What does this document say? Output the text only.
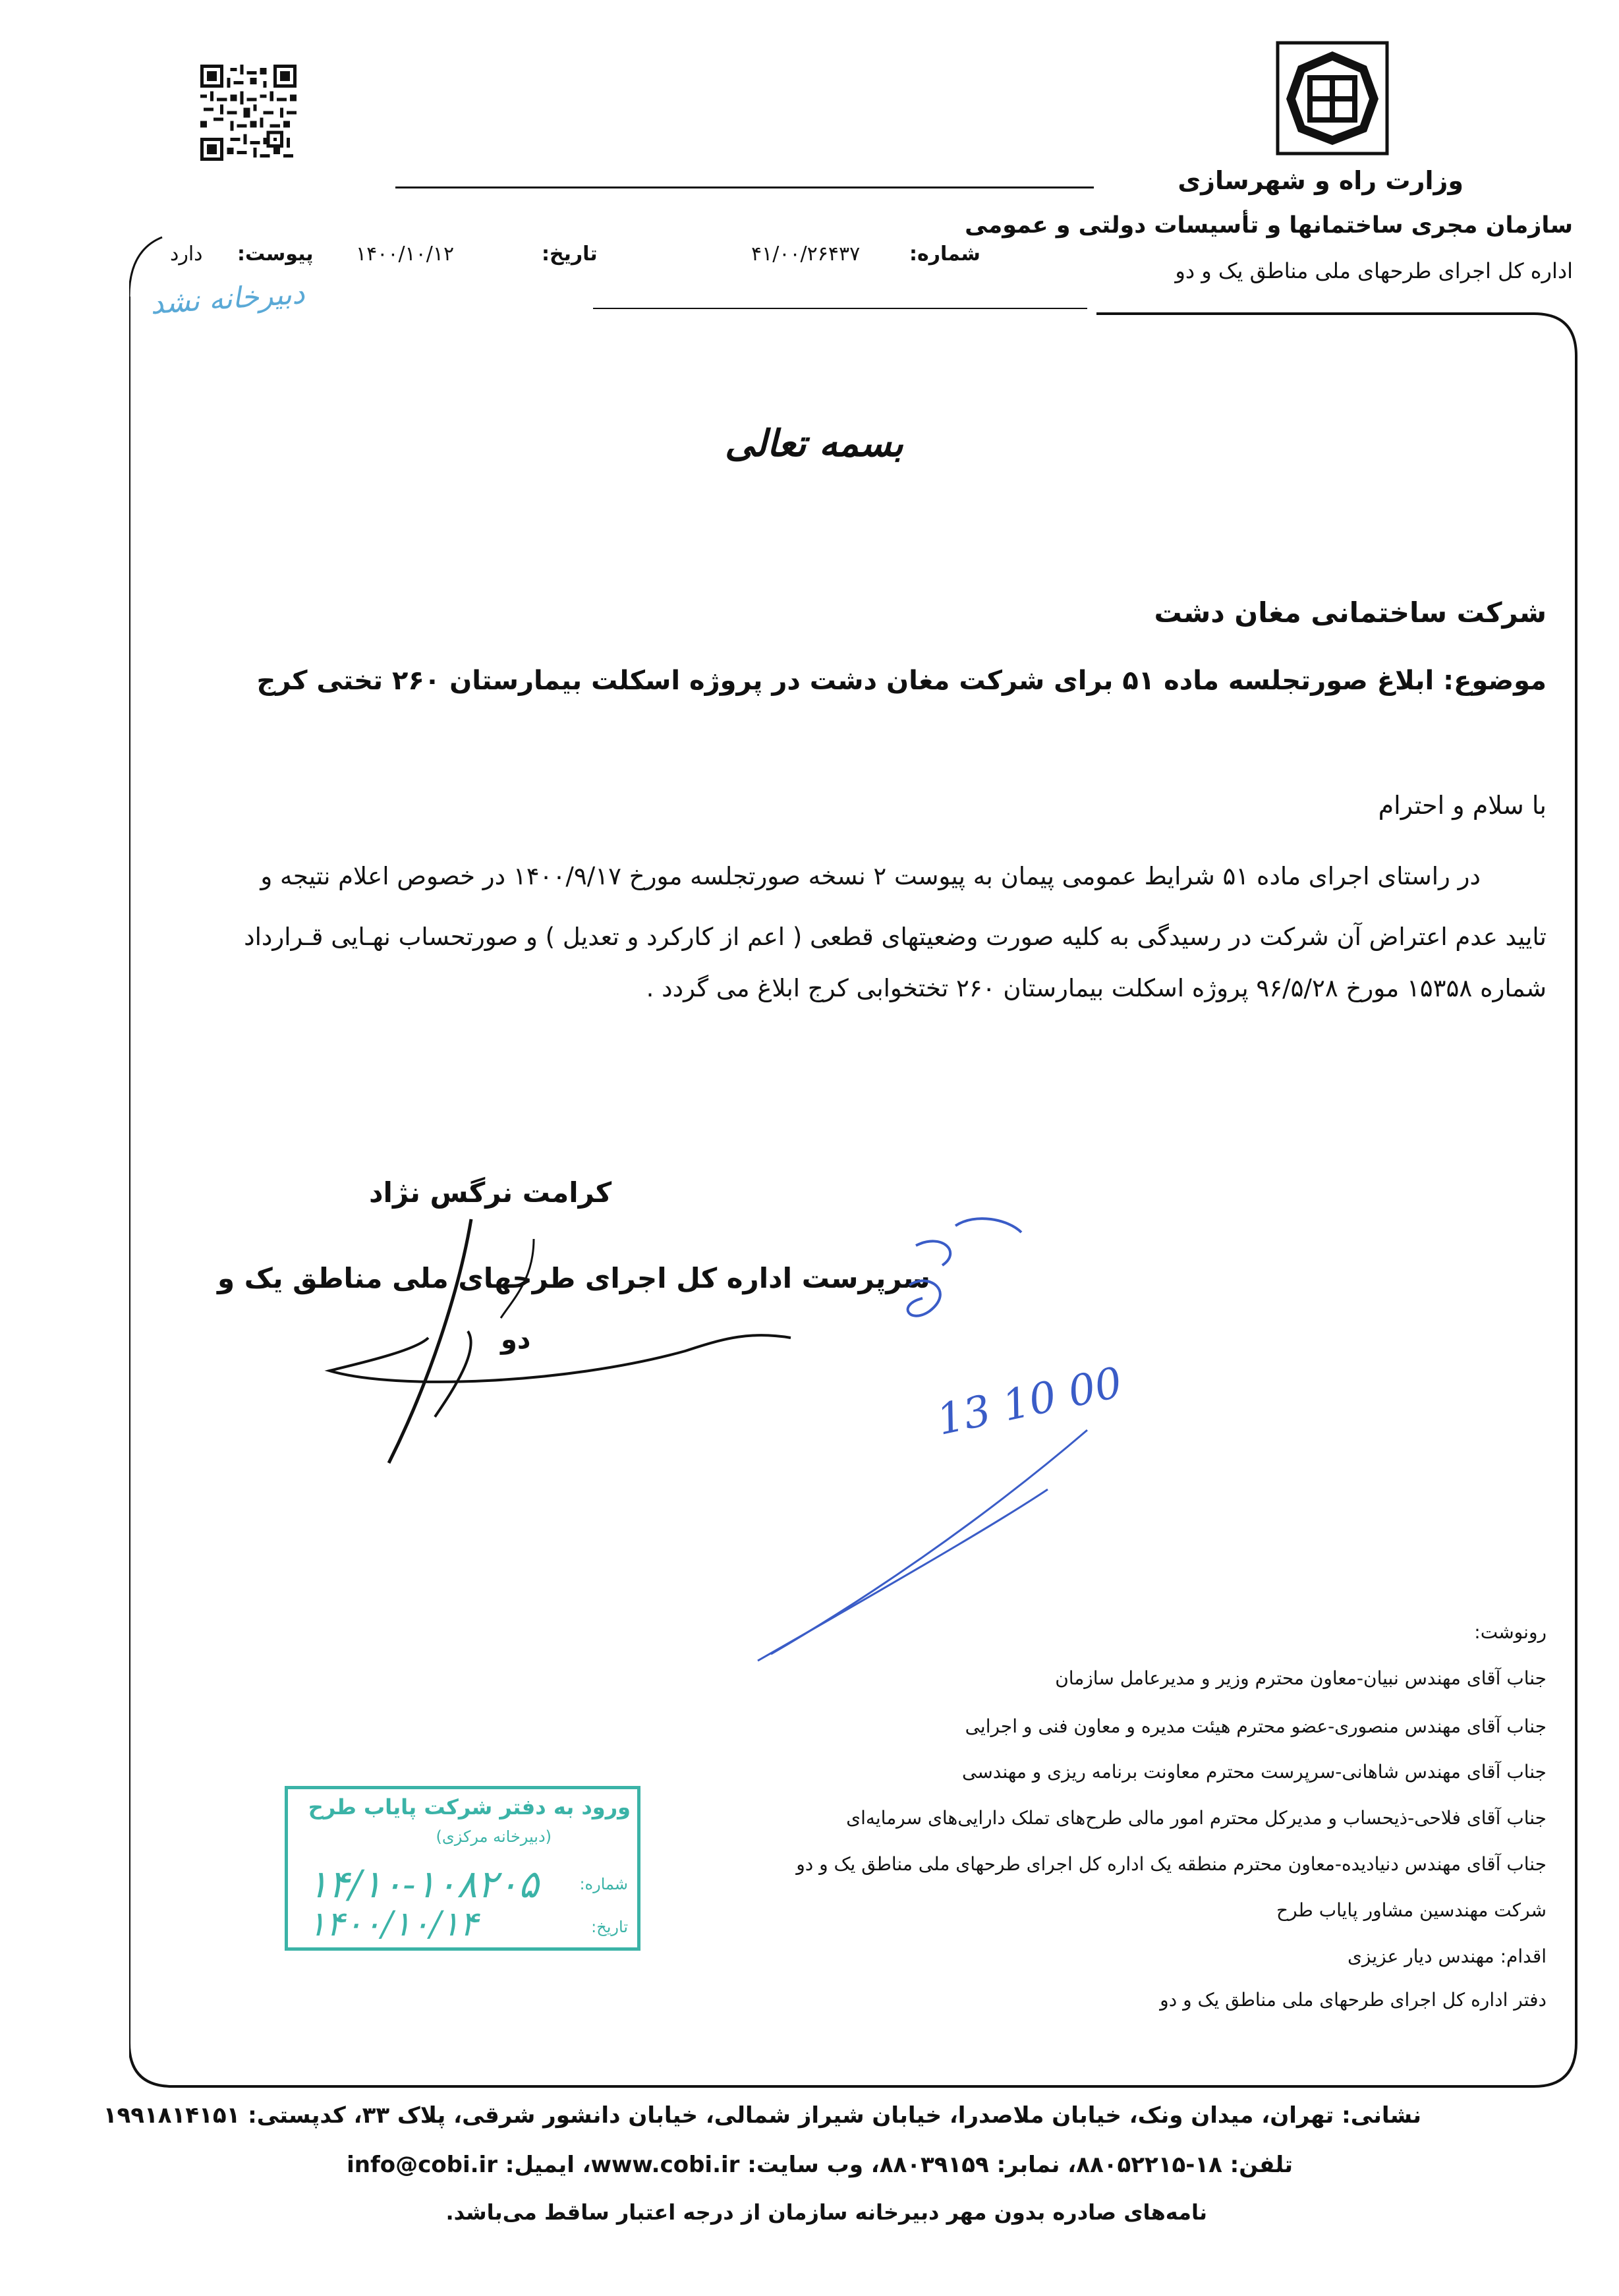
وزارت راه و شهرسازی
سازمان مجری ساختمانها و تأسیسات دولتی و عمومی
اداره کل اجرای طرحهای ملی مناطق یک و دو
۴۱/۰۰/۲۶۴۳۷ شماره:
۱۴۰۰/۱۰/۱۲	تاریخ:
پیوست:
دارد
دبیرخانه نشد
بسمه تعالی
شرکت ساختمانی مغان دشت
موضوع: ابلاغ صورتجلسه ماده ۵۱ برای شرکت مغان دشت در پروژه اسکلت بیمارستان ۲۶۰ تختی کرج
با سلام و احترام
در راستای اجرای ماده ۵۱ شرایط عمومی پیمان به پیوست ۲ نسخه صورتجلسه مورخ ۱۴۰۰/۹/۱۷ در خصوص اعلام نتیجه و
تایید عدم اعتراض آن شرکت در رسیدگی به کلیه صورت وضعیتهای قطعی ( اعم از کارکرد و تعدیل ) و صورتحساب نهـایی قـرارداد
شماره ۱۵۳۵۸ مورخ ۹۶/۵/۲۸ پروژه اسکلت بیمارستان ۲۶۰ تختخوابی کرج ابلاغ می گردد .
کرامت نرگس نژاد
سرپرست اداره کل اجرای طرحهای ملی مناطق یک و
دو
13 10 00
رونوشت:
جناب آقای مهندس نبیان-معاون محترم وزیر و مدیرعامل سازمان
جناب آقای مهندس منصوری-عضو محترم هیئت مدیره و معاون فنی و اجرایی
جناب آقای مهندس شاهانی-سرپرست محترم معاونت برنامه ریزی و مهندسی
جناب آقای فلاحی-ذیحساب و مدیرکل محترم امور مالی طرح‌های تملک دارایی‌های سرمایه‌ای
جناب آقای مهندس دنیادیده-معاون محترم منطقه یک اداره کل اجرای طرحهای ملی مناطق یک و دو
شرکت مهندسین مشاور پایاب طرح
اقدام: مهندس دیار عزیزی
دفتر اداره کل اجرای طرحهای ملی مناطق یک و دو
ورود به دفتر شرکت پایاب طرح
(دبیرخانه مرکزی)
شماره:
تاریخ:
۱۴/۱۰-۱۰۸۲۰۵
۱۴۰۰/۱۰/۱۴
نشانی: تهران، میدان ونک، خیابان ملاصدرا، خیابان شیراز شمالی، خیابان دانشور شرقی، پلاک ۳۳، کدپستی: ۱۹۹۱۸۱۴۱۵۱
تلفن: ۱۸-۸۸۰۵۲۲۱۵، نمابر: ۸۸۰۳۹۱۵۹، وب سایت: www.cobi.ir، ایمیل: info@cobi.ir
نامه‌های صادره بدون مهر دبیرخانه سازمان از درجه اعتبار ساقط می‌باشد.
